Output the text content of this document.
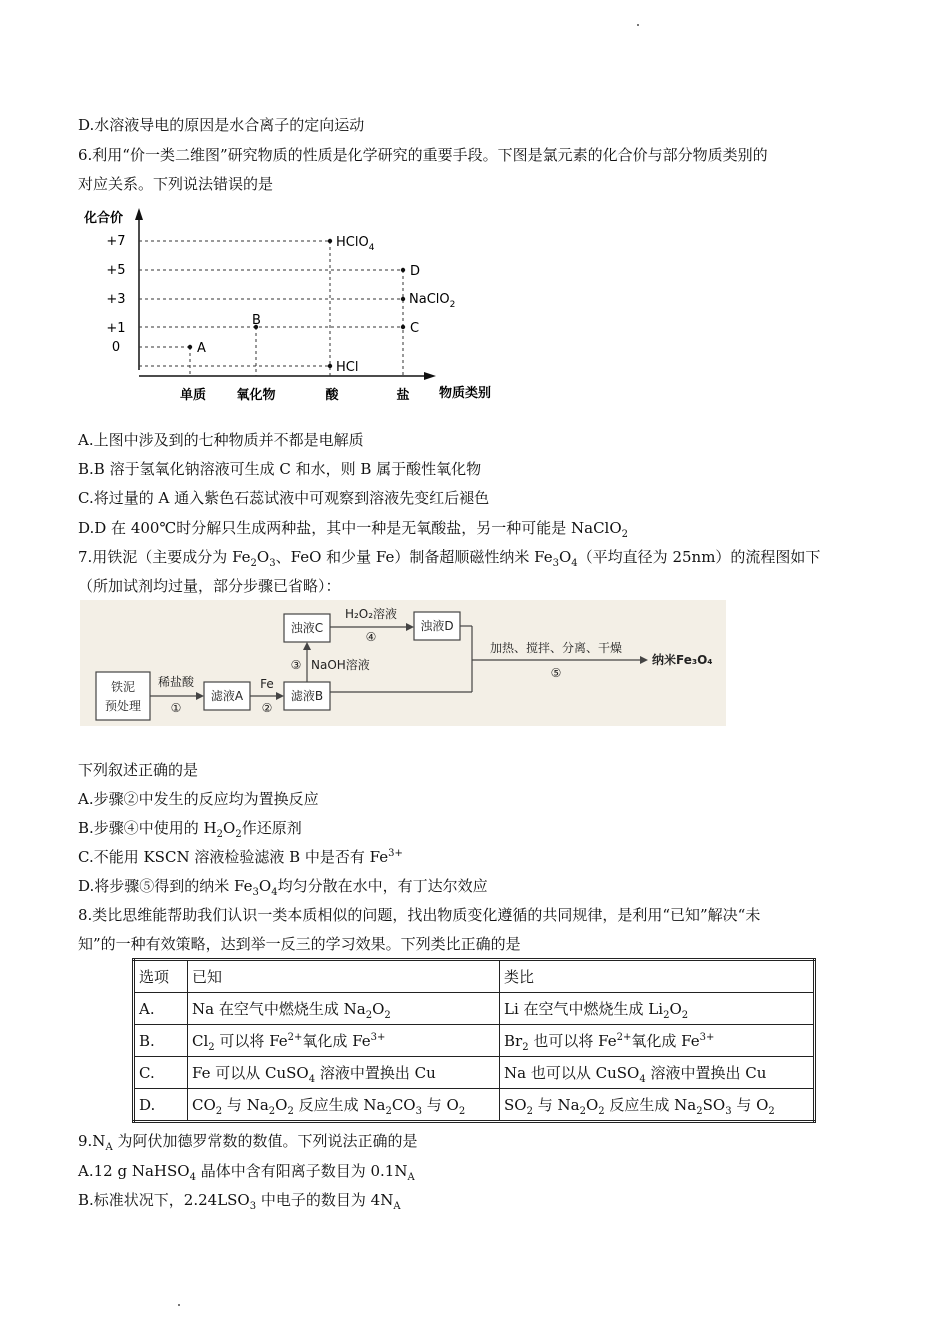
D.水溶液导电的原因是水合离子的定向运动
6.利用“价一类二维图”研究物质的性质是化学研究的重要手段。下图是氯元素的化合价与部分物质类别的
对应关系。下列说法错误的是
化合价
+7
+5
+3
+1
0	A
B
HClO$_4$
HCl
D
NaClO$_2$
C
单质 氧化物	酸	盐 物质类别
A.上图中涉及到的七种物质并不都是电解质
B.B 溶于氢氧化钠溶液可生成 C 和水，则 B 属于酸性氧化物
C.将过量的 A 通入紫色石蕊试液中可观察到溶液先变红后褪色
D.D 在 400℃时分解只生成两种盐，其中一种是无氧酸盐，另一种可能是 NaClO$_2$
7.用铁泥（主要成分为 $Fe_2O_3$、FeO 和少量 Fe）制备超顺磁性纳米 $Fe_3O_4$（平均直径为 25nm）的流程图如下
（所加试剂均过量，部分步骤已省略）：
铁泥
预处理
稀盐酸
①
滤液A
Fe
②
滤液B
③ NaOH溶液
浊液C
H₂O₂溶液
④
浊液D
加热、搅拌、分离、干燥
⑤
纳米Fe₃O₄
下列叙述正确的是
A.步骤②中发生的反应均为置换反应
B.步骤④中使用的 $H_2O_2$作还原剂
C.不能用 KSCN 溶液检验滤液 B 中是否有 $Fe^{3+}$
D.将步骤⑤得到的纳米 $Fe_3O_4$均匀分散在水中，有丁达尔效应
8.类比思维能帮助我们认识一类本质相似的问题，找出物质变化遵循的共同规律，是利用“已知”解决“未
知”的一种有效策略，达到举一反三的学习效果。下列类比正确的是
选项	已知	类比
A.	Na 在空气中燃烧生成 $Na_2O_2$	Li 在空气中燃烧生成 $Li_2O_2$
B.	$Cl_2$ 可以将 $Fe^{2+}$氧化成 $Fe^{3+}$	$Br_2$ 也可以将 $Fe^{2+}$氧化成 $Fe^{3+}$
C.	Fe 可以从 CuSO$_4$ 溶液中置换出 Cu	Na 也可以从 CuSO$_4$ 溶液中置换出 Cu
D.	$CO_2$ 与 $Na_2O_2$ 反应生成 $Na_2CO_3$ 与 $O_2$	$SO_2$ 与 $Na_2O_2$ 反应生成 $Na_2SO_3$ 与 $O_2$
$9.N_A$ 为阿伏加德罗常数的数值。下列说法正确的是
A.12 g NaHSO$_4$ 晶体中含有阳离子数目为 $0.1N_A$
B.标准状况下，$2.24LSO_3$ 中电子的数目为 $4N_A$
